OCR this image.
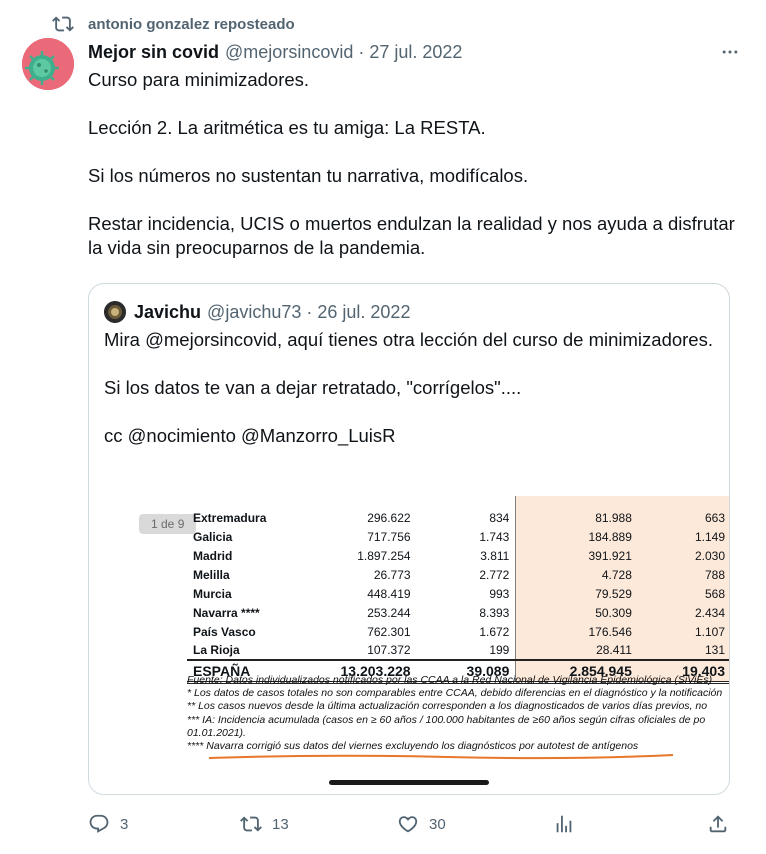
antonio gonzalez reposteado
Mejor sin covid @mejorsincovid · 27 jul. 2022

Curso para minimizadores.

Lección 2. La aritmética es tu amiga: La RESTA.

Si los números no sustentan tu narrativa, modifícalos.

Restar incidencia, UCIS o muertos endulzan la realidad y nos ayuda a disfrutar la vida sin preocuparnos de la pandemia.

Javichu @javichu73 · 26 jul. 2022

Mira @mejorsincovid, aquí tienes otra lección del curso de minimizadores.

Si los datos te van a dejar retratado, "corrígelos"....

cc @nocimiento @Manzorro_LuisR

1 de 9
				Extremadura	296.622	834	81.988	663
Galicia	717.756	1.743	184.889	1.149
Madrid	1.897.254	3.811	391.921	2.030
Melilla	26.773	2.772	4.728	788
Murcia	448.419	993	79.529	568
Navarra ****	253.244	8.393	50.309	2.434
País Vasco	762.301	1.672	176.546	1.107
La Rioja	107.372	199	28.411	131
ESPAÑA	13.203.228	39.089	2.854.945	19.403
Fuente: Datos individualizados notificados por las CCAA a la Red Nacional de Vigilancia Epidemiológica (SiViEs)
* Los datos de casos totales no son comparables entre CCAA, debido diferencias en el diagnóstico y la notificación
** Los casos nuevos desde la última actualización corresponden a los diagnosticados de varios días previos, no
*** IA: Incidencia acumulada (casos en ≥ 60 años / 100.000 habitantes de ≥60 años según cifras oficiales de po
01.01.2021).
**** Navarra corrigió sus datos del viernes excluyendo los diagnósticos por autotest de antígenos
3	13	30
